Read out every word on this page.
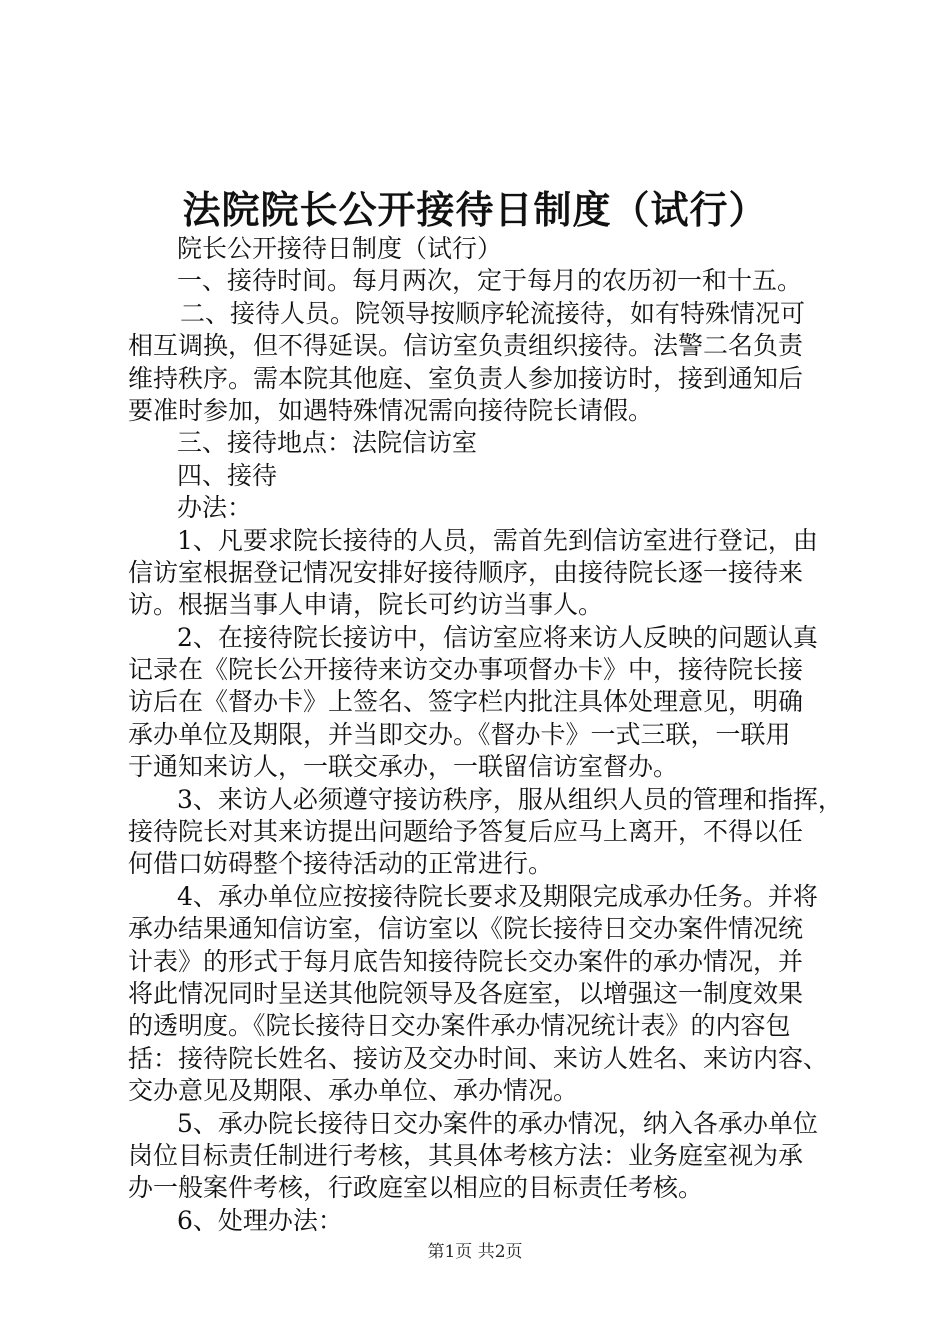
法院院长公开接待日制度（试行）
院长公开接待日制度（试行）
一、接待时间。每月两次，定于每月的农历初一和十五。
二、接待人员。院领导按顺序轮流接待，如有特殊情况可
相互调换，但不得延误。信访室负责组织接待。法警二名负责
维持秩序。需本院其他庭、室负责人参加接访时，接到通知后
要准时参加，如遇特殊情况需向接待院长请假。
三、接待地点：法院信访室
四、接待
办法：
1、凡要求院长接待的人员，需首先到信访室进行登记，由
信访室根据登记情况安排好接待顺序，由接待院长逐一接待来
访。根据当事人申请，院长可约访当事人。
2、在接待院长接访中，信访室应将来访人反映的问题认真
记录在《院长公开接待来访交办事项督办卡》中，接待院长接
访后在《督办卡》上签名、签字栏内批注具体处理意见，明确
承办单位及期限，并当即交办。《督办卡》一式三联，一联用
于通知来访人，一联交承办，一联留信访室督办。
3、来访人必须遵守接访秩序，服从组织人员的管理和指挥，
接待院长对其来访提出问题给予答复后应马上离开，不得以任
何借口妨碍整个接待活动的正常进行。
4、承办单位应按接待院长要求及期限完成承办任务。并将
承办结果通知信访室，信访室以《院长接待日交办案件情况统
计表》的形式于每月底告知接待院长交办案件的承办情况，并
将此情况同时呈送其他院领导及各庭室，以增强这一制度效果
的透明度。《院长接待日交办案件承办情况统计表》的内容包
括：接待院长姓名、接访及交办时间、来访人姓名、来访内容、
交办意见及期限、承办单位、承办情况。
5、承办院长接待日交办案件的承办情况，纳入各承办单位
岗位目标责任制进行考核，其具体考核方法：业务庭室视为承
办一般案件考核，行政庭室以相应的目标责任考核。
6、处理办法：
第1页 共2页
